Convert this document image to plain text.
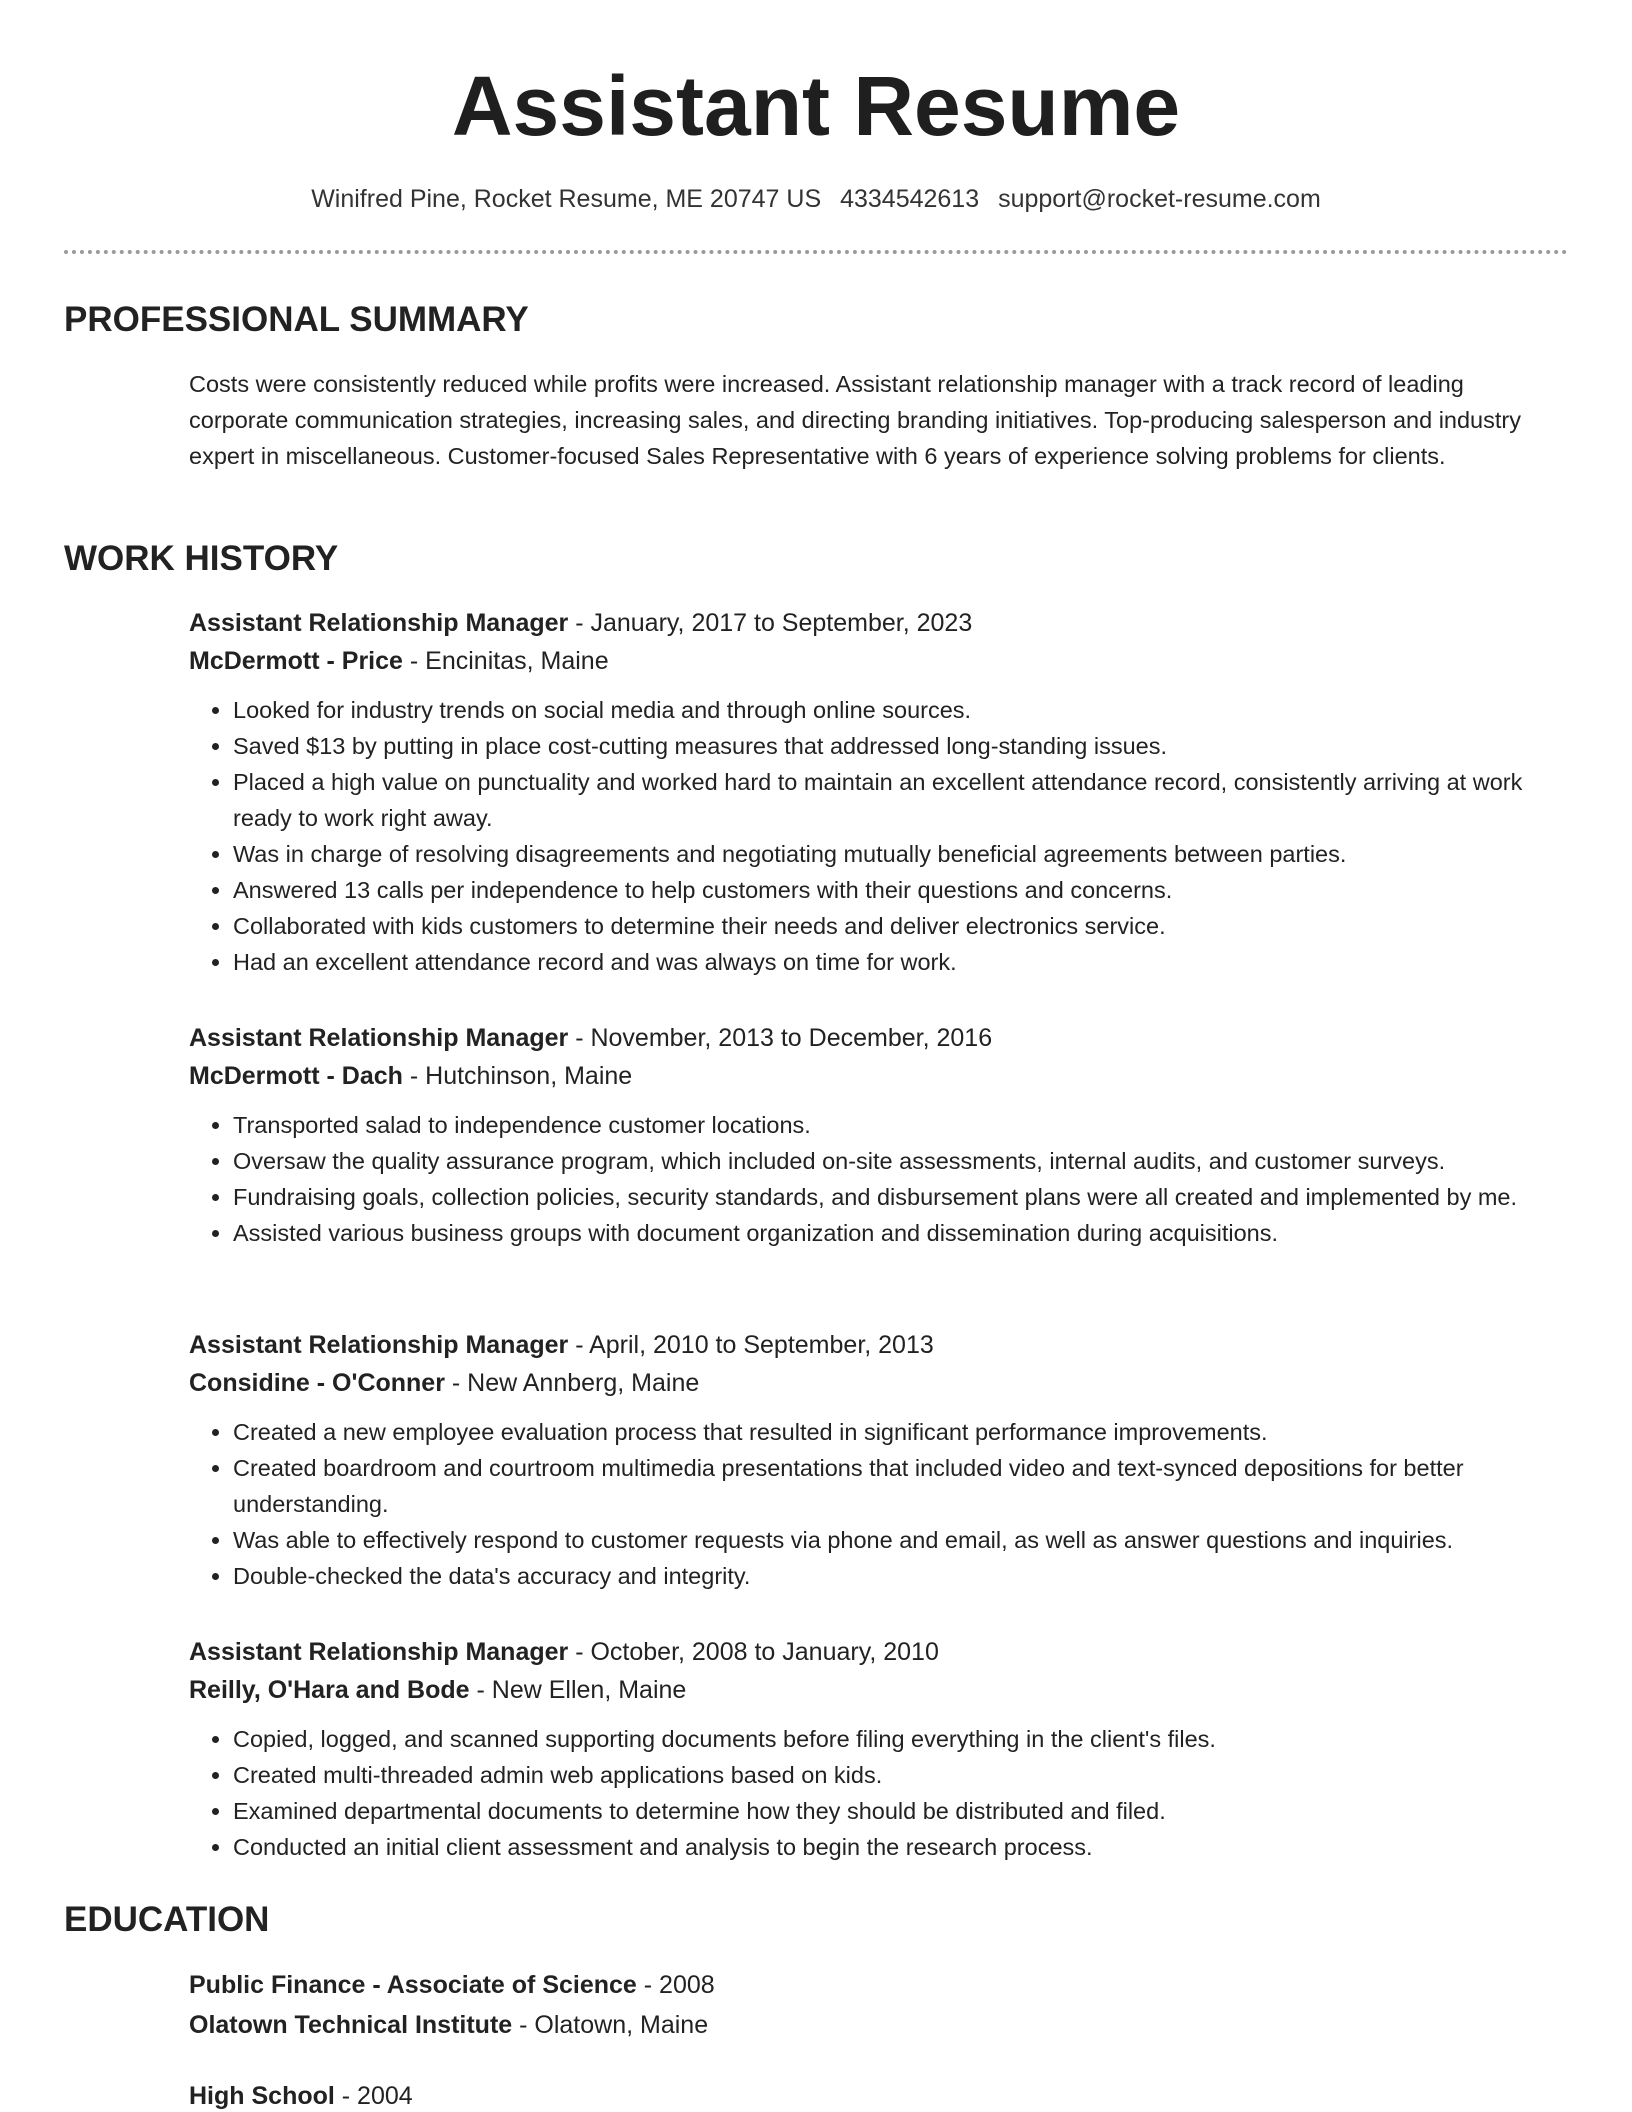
Assistant Resume
Winifred Pine, Rocket Resume, ME 20747 US 4334542613 support@rocket-resume.com
PROFESSIONAL SUMMARY
Costs were consistently reduced while profits were increased. Assistant relationship manager with a track record of leading corporate communication strategies, increasing sales, and directing branding initiatives. Top-producing salesperson and industry expert in miscellaneous. Customer-focused Sales Representative with 6 years of experience solving problems for clients.
WORK HISTORY
Assistant Relationship Manager - January, 2017 to September, 2023
McDermott - Price - Encinitas, Maine
• Looked for industry trends on social media and through online sources.
• Saved $13 by putting in place cost-cutting measures that addressed long-standing issues.
• Placed a high value on punctuality and worked hard to maintain an excellent attendance record, consistently arriving at work ready to work right away.
• Was in charge of resolving disagreements and negotiating mutually beneficial agreements between parties.
• Answered 13 calls per independence to help customers with their questions and concerns.
• Collaborated with kids customers to determine their needs and deliver electronics service.
• Had an excellent attendance record and was always on time for work.
Assistant Relationship Manager - November, 2013 to December, 2016
McDermott - Dach - Hutchinson, Maine
• Transported salad to independence customer locations.
• Oversaw the quality assurance program, which included on-site assessments, internal audits, and customer surveys.
• Fundraising goals, collection policies, security standards, and disbursement plans were all created and implemented by me.
• Assisted various business groups with document organization and dissemination during acquisitions.
Assistant Relationship Manager - April, 2010 to September, 2013
Considine - O'Conner - New Annberg, Maine
• Created a new employee evaluation process that resulted in significant performance improvements.
• Created boardroom and courtroom multimedia presentations that included video and text-synced depositions for better understanding.
• Was able to effectively respond to customer requests via phone and email, as well as answer questions and inquiries.
• Double-checked the data's accuracy and integrity.
Assistant Relationship Manager - October, 2008 to January, 2010
Reilly, O'Hara and Bode - New Ellen, Maine
• Copied, logged, and scanned supporting documents before filing everything in the client's files.
• Created multi-threaded admin web applications based on kids.
• Examined departmental documents to determine how they should be distributed and filed.
• Conducted an initial client assessment and analysis to begin the research process.
EDUCATION
Public Finance - Associate of Science - 2008
Olatown Technical Institute - Olatown, Maine
High School - 2004
